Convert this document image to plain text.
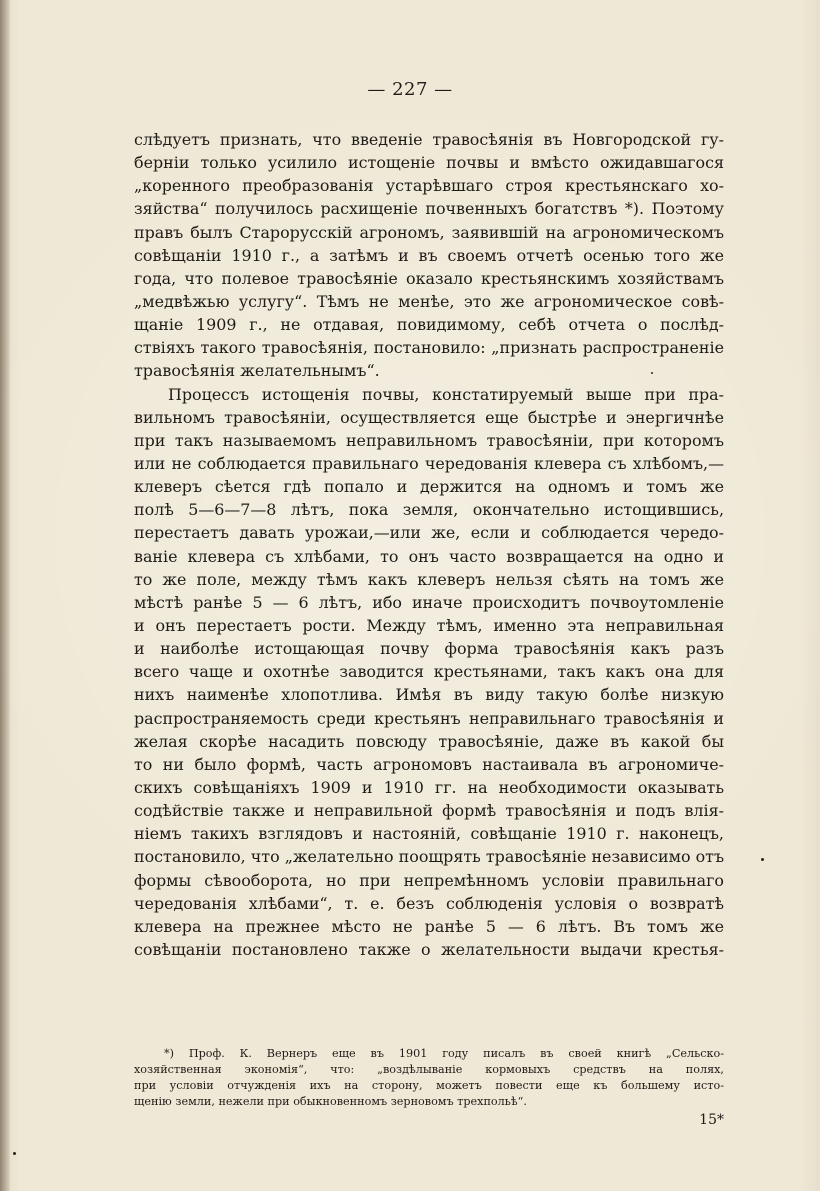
— 227 —
слѣдуетъ признать, что введеніе травосѣянія въ Новгородской гу-
берніи только усилило истощеніе почвы и вмѣсто ожидавшагося
„коренного преобразованія устарѣвшаго строя крестьянскаго хо-
зяйства“ получилось расхищеніе почвенныхъ богатствъ *). Поэтому
правъ былъ Старорусскій агрономъ, заявившій на агрономическомъ
совѣщаніи 1910 г., а затѣмъ и въ своемъ отчетѣ осенью того же
года, что полевое травосѣяніе оказало крестьянскимъ хозяйствамъ
„медвѣжью услугу“. Тѣмъ не менѣе, это же агрономическое совѣ-
щаніе 1909 г., не отдавая, повидимому, себѣ отчета о послѣд-
ствіяхъ такого травосѣянія, постановило: „признать распространеніе
травосѣянія желательнымъ“.
Процессъ истощенія почвы, констатируемый выше при пра-
вильномъ травосѣяніи, осуществляется еще быстрѣе и энергичнѣе
при такъ называемомъ неправильномъ травосѣяніи, при которомъ
или не соблюдается правильнаго чередованія клевера съ хлѣбомъ,—
клеверъ сѣется гдѣ попало и держится на одномъ и томъ же
полѣ 5—6—7—8 лѣтъ, пока земля, окончательно истощившись,
перестаетъ давать урожаи,—или же, если и соблюдается чередо-
ваніе клевера съ хлѣбами, то онъ часто возвращается на одно и
то же поле, между тѣмъ какъ клеверъ нельзя сѣять на томъ же
мѣстѣ ранѣе 5 — 6 лѣтъ, ибо иначе происходитъ почвоутомленіе
и онъ перестаетъ рости. Между тѣмъ, именно эта неправильная
и наиболѣе истощающая почву форма травосѣянія какъ разъ
всего чаще и охотнѣе заводится крестьянами, такъ какъ она для
нихъ наименѣе хлопотлива. Имѣя въ виду такую болѣе низкую
распространяемость среди крестьянъ неправильнаго травосѣянія и
желая скорѣе насадить повсюду травосѣяніе, даже въ какой бы
то ни было формѣ, часть агрономовъ настаивала въ агрономиче-
скихъ совѣщаніяхъ 1909 и 1910 гг. на необходимости оказывать
содѣйствіе также и неправильной формѣ травосѣянія и подъ влія-
ніемъ такихъ взглядовъ и настояній, совѣщаніе 1910 г. наконецъ,
постановило, что „желательно поощрять травосѣяніе независимо отъ
формы сѣвооборота, но при непремѣнномъ условіи правильнаго
чередованія хлѣбами“, т. е. безъ соблюденія условія о возвратѣ
клевера на прежнее мѣсто не ранѣе 5 — 6 лѣтъ. Въ томъ же
совѣщаніи постановлено также о желательности выдачи крестья-
*) Проф. К. Вернеръ еще въ 1901 году писалъ въ своей книгѣ „Сельско-
хозяйственная экономія“, что: „воздѣлываніе кормовыхъ средствъ на полях,
при условіи отчужденія ихъ на сторону, можетъ повести еще къ большему исто-
щенію земли, нежели при обыкновенномъ зерновомъ трехпольѣ“.
15*
